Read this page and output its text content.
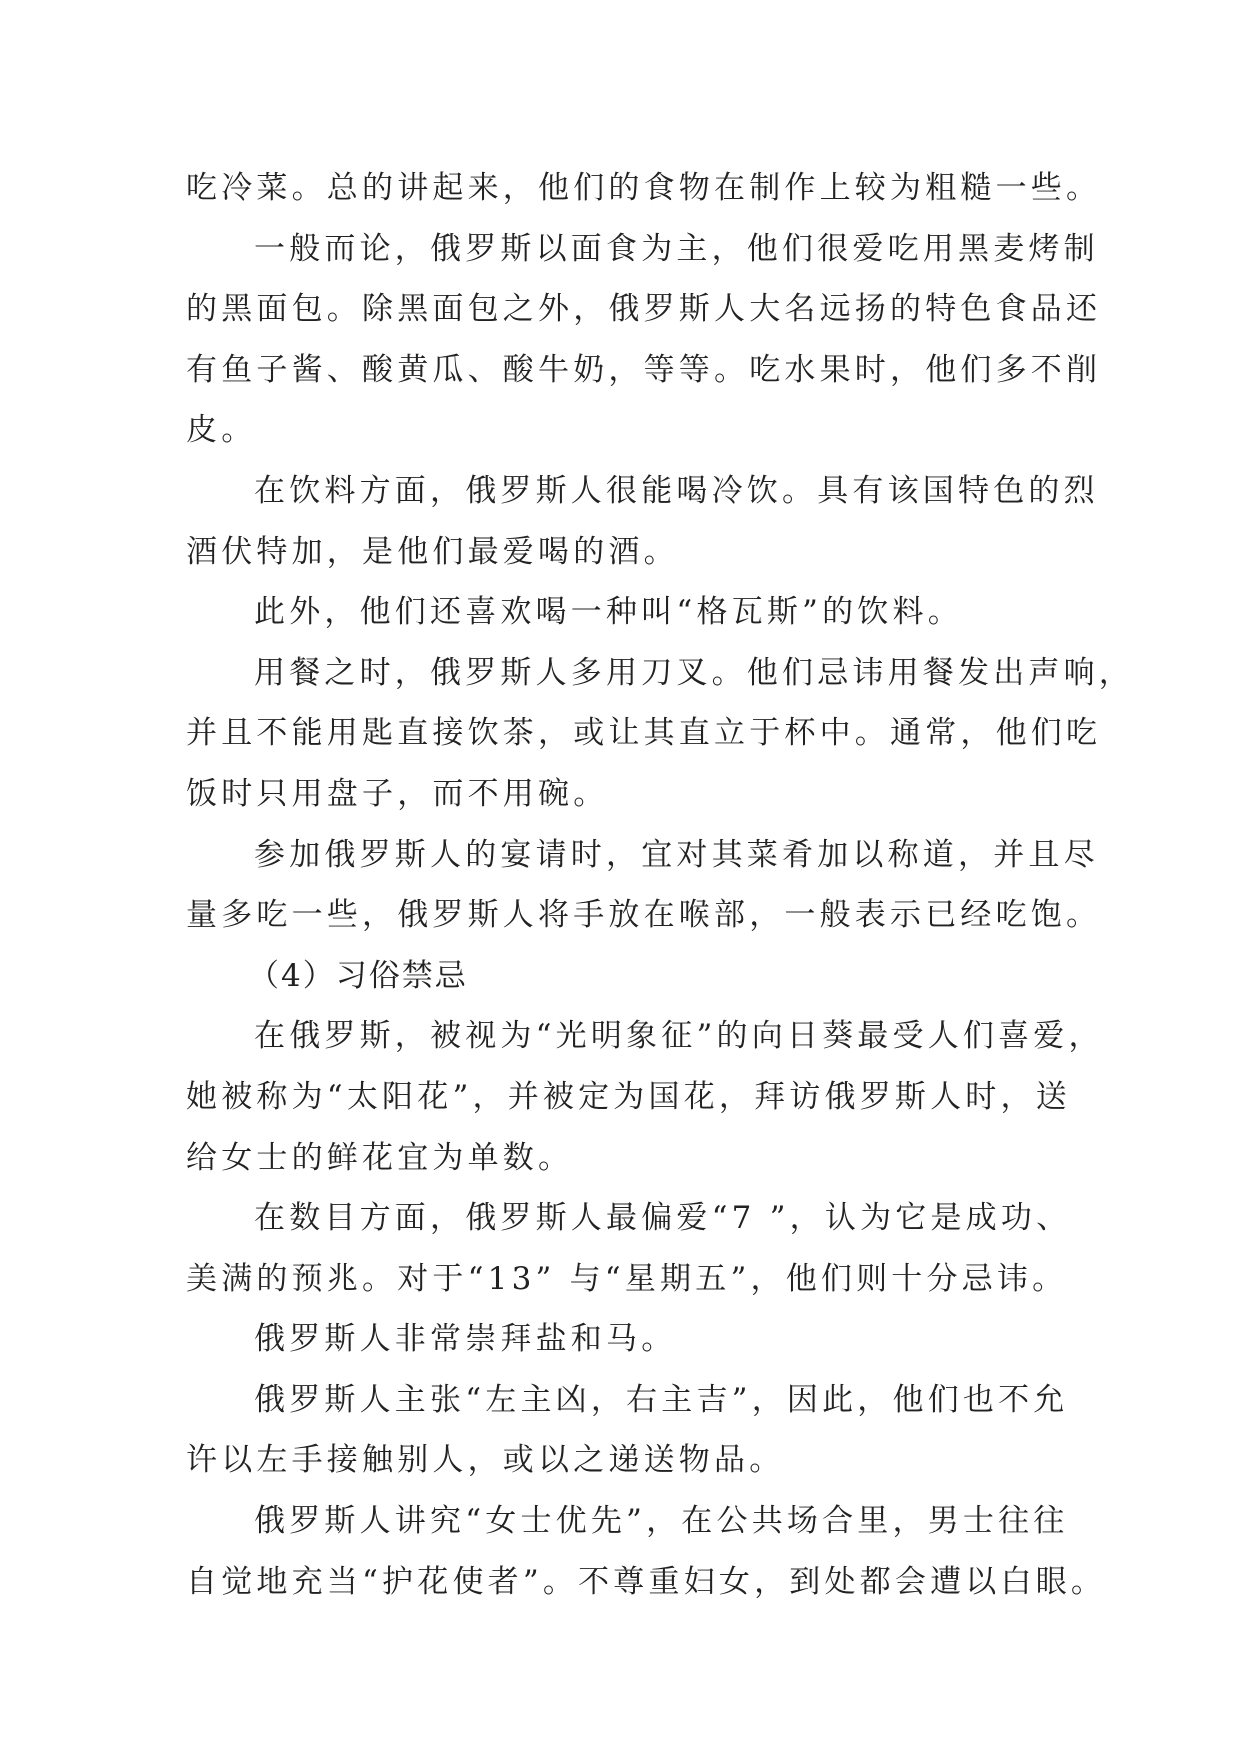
吃冷菜。总的讲起来，他们的食物在制作上较为粗糙一些。
一般而论，俄罗斯以面食为主，他们很爱吃用黑麦烤制
的黑面包。除黑面包之外，俄罗斯人大名远扬的特色食品还
有鱼子酱、酸黄瓜、酸牛奶，等等。吃水果时，他们多不削
皮。
在饮料方面，俄罗斯人很能喝冷饮。具有该国特色的烈
酒伏特加，是他们最爱喝的酒。
此外，他们还喜欢喝一种叫“格瓦斯”的饮料。
用餐之时，俄罗斯人多用刀叉。他们忌讳用餐发出声响，
并且不能用匙直接饮茶，或让其直立于杯中。通常，他们吃
饭时只用盘子，而不用碗。
参加俄罗斯人的宴请时，宜对其菜肴加以称道，并且尽
量多吃一些，俄罗斯人将手放在喉部，一般表示已经吃饱。
（4）习俗禁忌
在俄罗斯，被视为“光明象征”的向日葵最受人们喜爱，
她被称为“太阳花”，并被定为国花，拜访俄罗斯人时，送
给女士的鲜花宜为单数。
在数目方面，俄罗斯人最偏爱“7 ”，认为它是成功、
美满的预兆。对于“13” 与“星期五”，他们则十分忌讳。
俄罗斯人非常崇拜盐和马。
俄罗斯人主张“左主凶，右主吉”，因此，他们也不允
许以左手接触别人，或以之递送物品。
俄罗斯人讲究“女士优先”，在公共场合里，男士往往
自觉地充当“护花使者”。不尊重妇女，到处都会遭以白眼。
